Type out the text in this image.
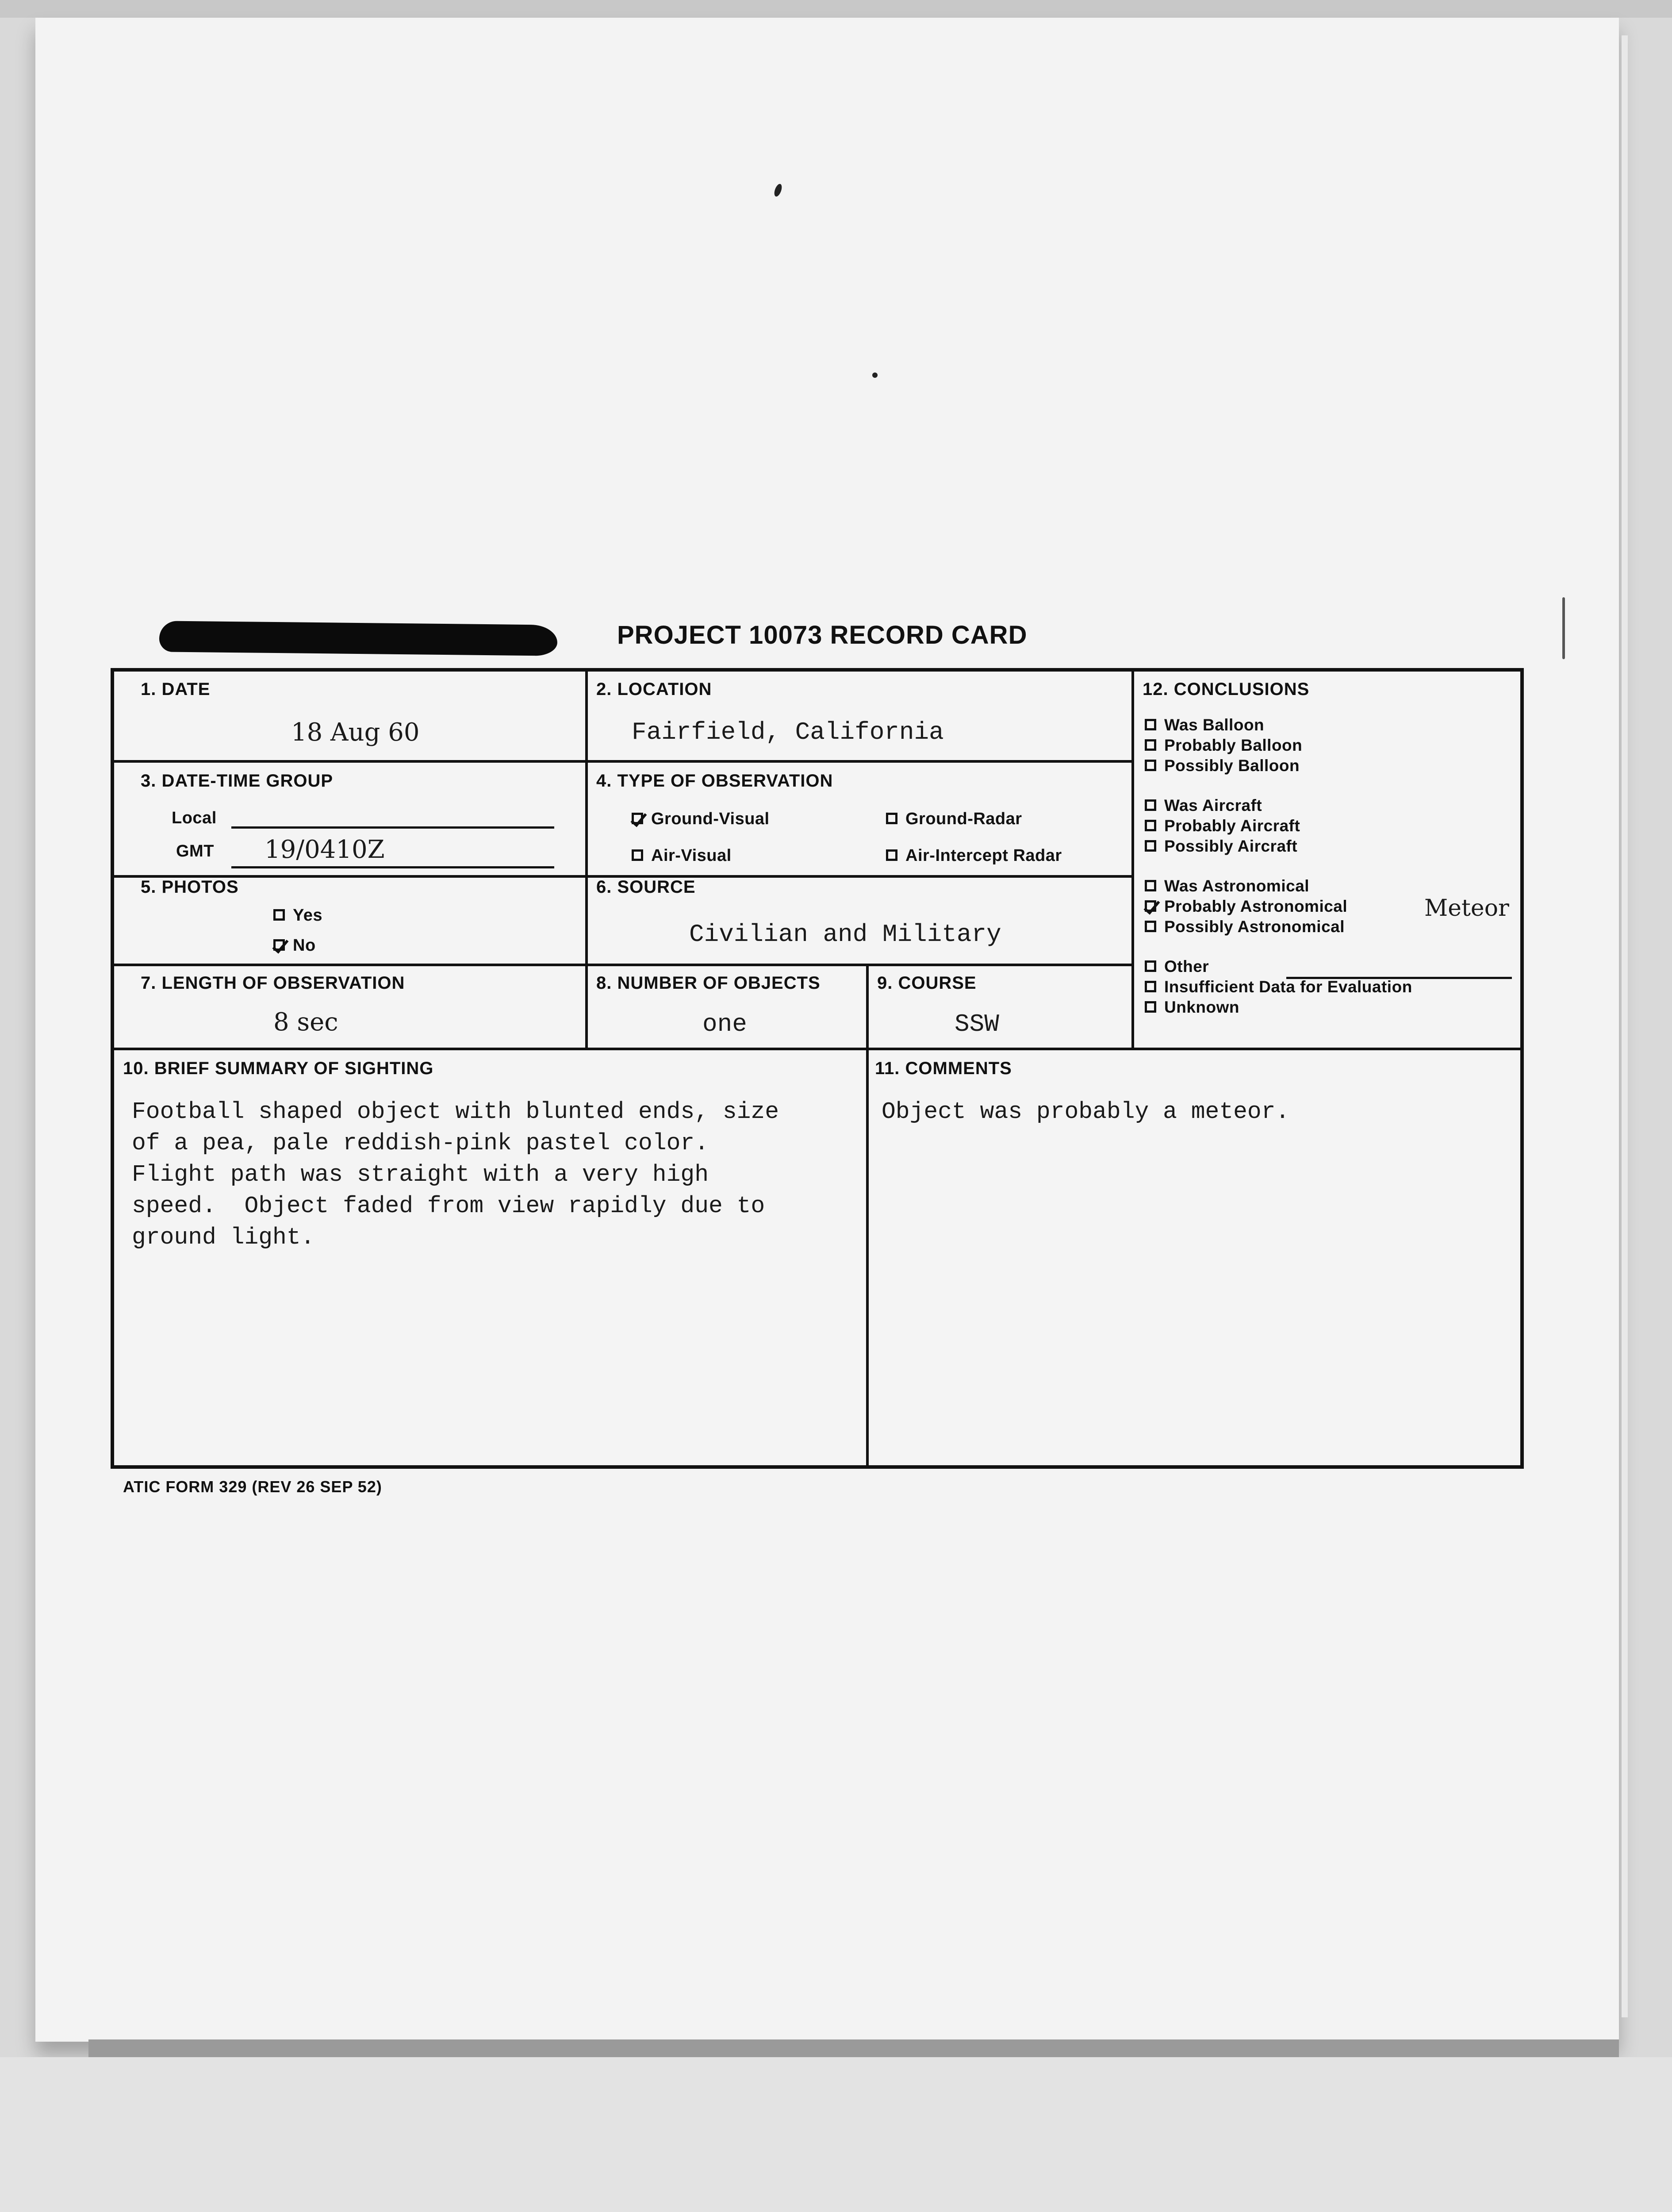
PROJECT 10073 RECORD CARD
1. DATE
18 Aug 60
2. LOCATION
Fairfield, California
3. DATE-TIME GROUP
Local
GMT 19/0410Z
4. TYPE OF OBSERVATION
Ground-Visual	Ground-Radar
Air-Visual	Air-Intercept Radar
5. PHOTOS
Yes
No
6. SOURCE
Civilian and Military
7. LENGTH OF OBSERVATION
8 sec
8. NUMBER OF OBJECTS
one
9. COURSE
SSW
12. CONCLUSIONS
Was Balloon
Probably Balloon
Possibly Balloon
Was Aircraft
Probably Aircraft
Possibly Aircraft
Was Astronomical
Probably Astronomical
Possibly Astronomical
Other
Insufficient Data for Evaluation
Unknown
Meteor
10. BRIEF SUMMARY OF SIGHTING
Football shaped object with blunted ends, size
of a pea, pale reddish-pink pastel color.
Flight path was straight with a very high
speed.  Object faded from view rapidly due to
ground light.
11. COMMENTS
Object was probably a meteor.
ATIC FORM 329 (REV 26 SEP 52)
